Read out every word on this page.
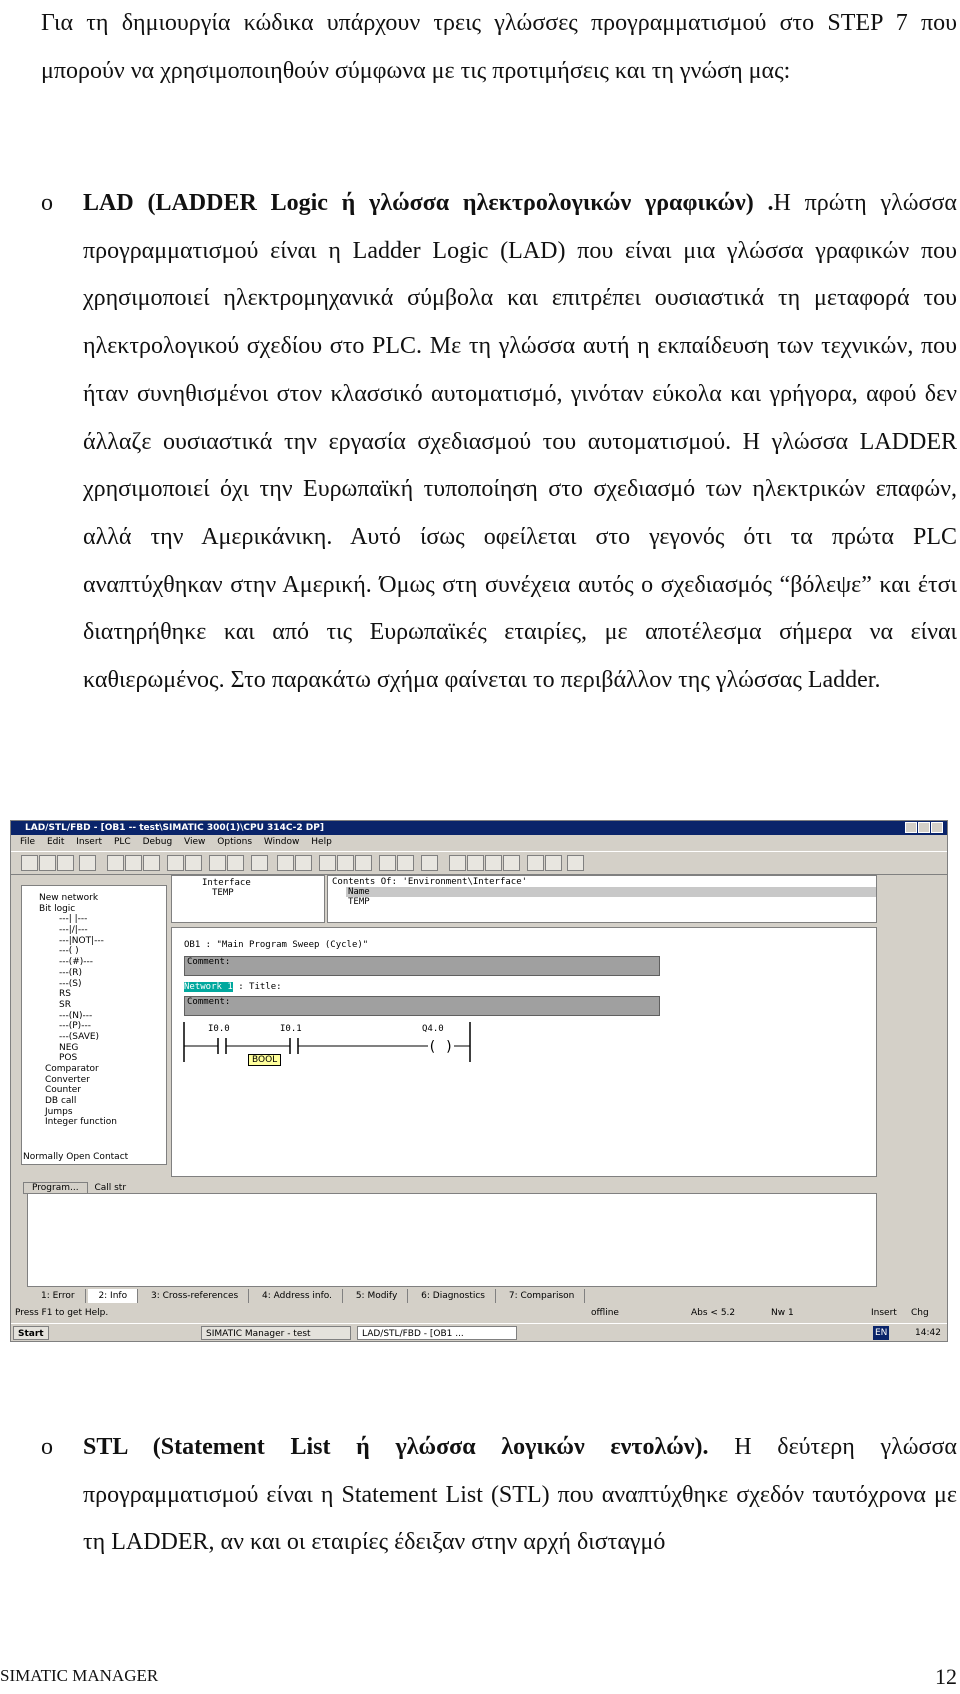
Για τη δημιουργία κώδικα υπάρχουν τρεις γλώσσες προγραμματισμού στο STEP 7 που μπορούν να χρησιμοποιηθούν σύμφωνα με τις προτιμήσεις και τη γνώση μας:
o LAD (LADDER Logic ή γλώσσα ηλεκτρολογικών γραφικών) .Η πρώτη γλώσσα προγραμματισμού είναι η Ladder Logic (LAD) που είναι μια γλώσσα γραφικών που χρησιμοποιεί ηλεκτρομηχανικά σύμβολα και επιτρέπει ουσιαστικά τη μεταφορά του ηλεκτρολογικού σχεδίου στο PLC. Με τη γλώσσα αυτή η εκπαίδευση των τεχνικών, που ήταν συνηθισμένοι στον κλασσικό αυτοματισμό, γινόταν εύκολα και γρήγορα, αφού δεν άλλαζε ουσιαστικά την εργασία σχεδιασμού του αυτοματισμού. Η γλώσσα LADDER χρησιμοποιεί όχι την Ευρωπαϊκή τυποποίηση στο σχεδιασμό των ηλεκτρικών επαφών, αλλά την Αμερικάνικη. Αυτό ίσως οφείλεται στο γεγονός ότι τα πρώτα PLC αναπτύχθηκαν στην Αμερική. Όμως στη συνέχεια αυτός ο σχεδιασμός “βόλεψε” και έτσι διατηρήθηκε και από τις Ευρωπαϊκές εταιρίες, με αποτέλεσμα σήμερα να είναι καθιερωμένος. Στο παρακάτω σχήμα φαίνεται το περιβάλλον της γλώσσας Ladder.
LAD/STL/FBD - [OB1 -- test\SIMATIC 300(1)\CPU 314C-2 DP]
File Edit Insert PLC Debug View Options Window Help
New network
Bit logic
---| |---
---|/|---
---|NOT|---
---( )
---(#)---
---(R)
---(S)
RS
SR
---(N)---
---(P)---
---(SAVE)
NEG
POS
Comparator
Converter
Counter
DB call
Jumps
Integer function
Normally Open Contact
Program... Call str
Interface
TEMP
Contents Of: 'Environment\Interface'
Name
TEMP
OB1 : "Main Program Sweep (Cycle)"
Comment:
Network 1 : Title:
Comment:
( )
I0.0	I0.1	Q4.0
BOOL
1: Error	2: Info	3: Cross-references	4: Address info.	5: Modify	6: Diagnostics	7: Comparison
Press F1 to get Help.	offline	Abs < 5.2	Nw 1	Insert Chg
Start	SIMATIC Manager - test	LAD/STL/FBD - [OB1 ...	EN	14:42
o STL (Statement List ή γλώσσα λογικών εντολών). Η δεύτερη γλώσσα προγραμματισμού είναι η Statement List (STL) που αναπτύχθηκε σχεδόν ταυτόχρονα με τη LADDER, αν και οι εταιρίες έδειξαν στην αρχή δισταγμό
SIMATIC MANAGER	12
